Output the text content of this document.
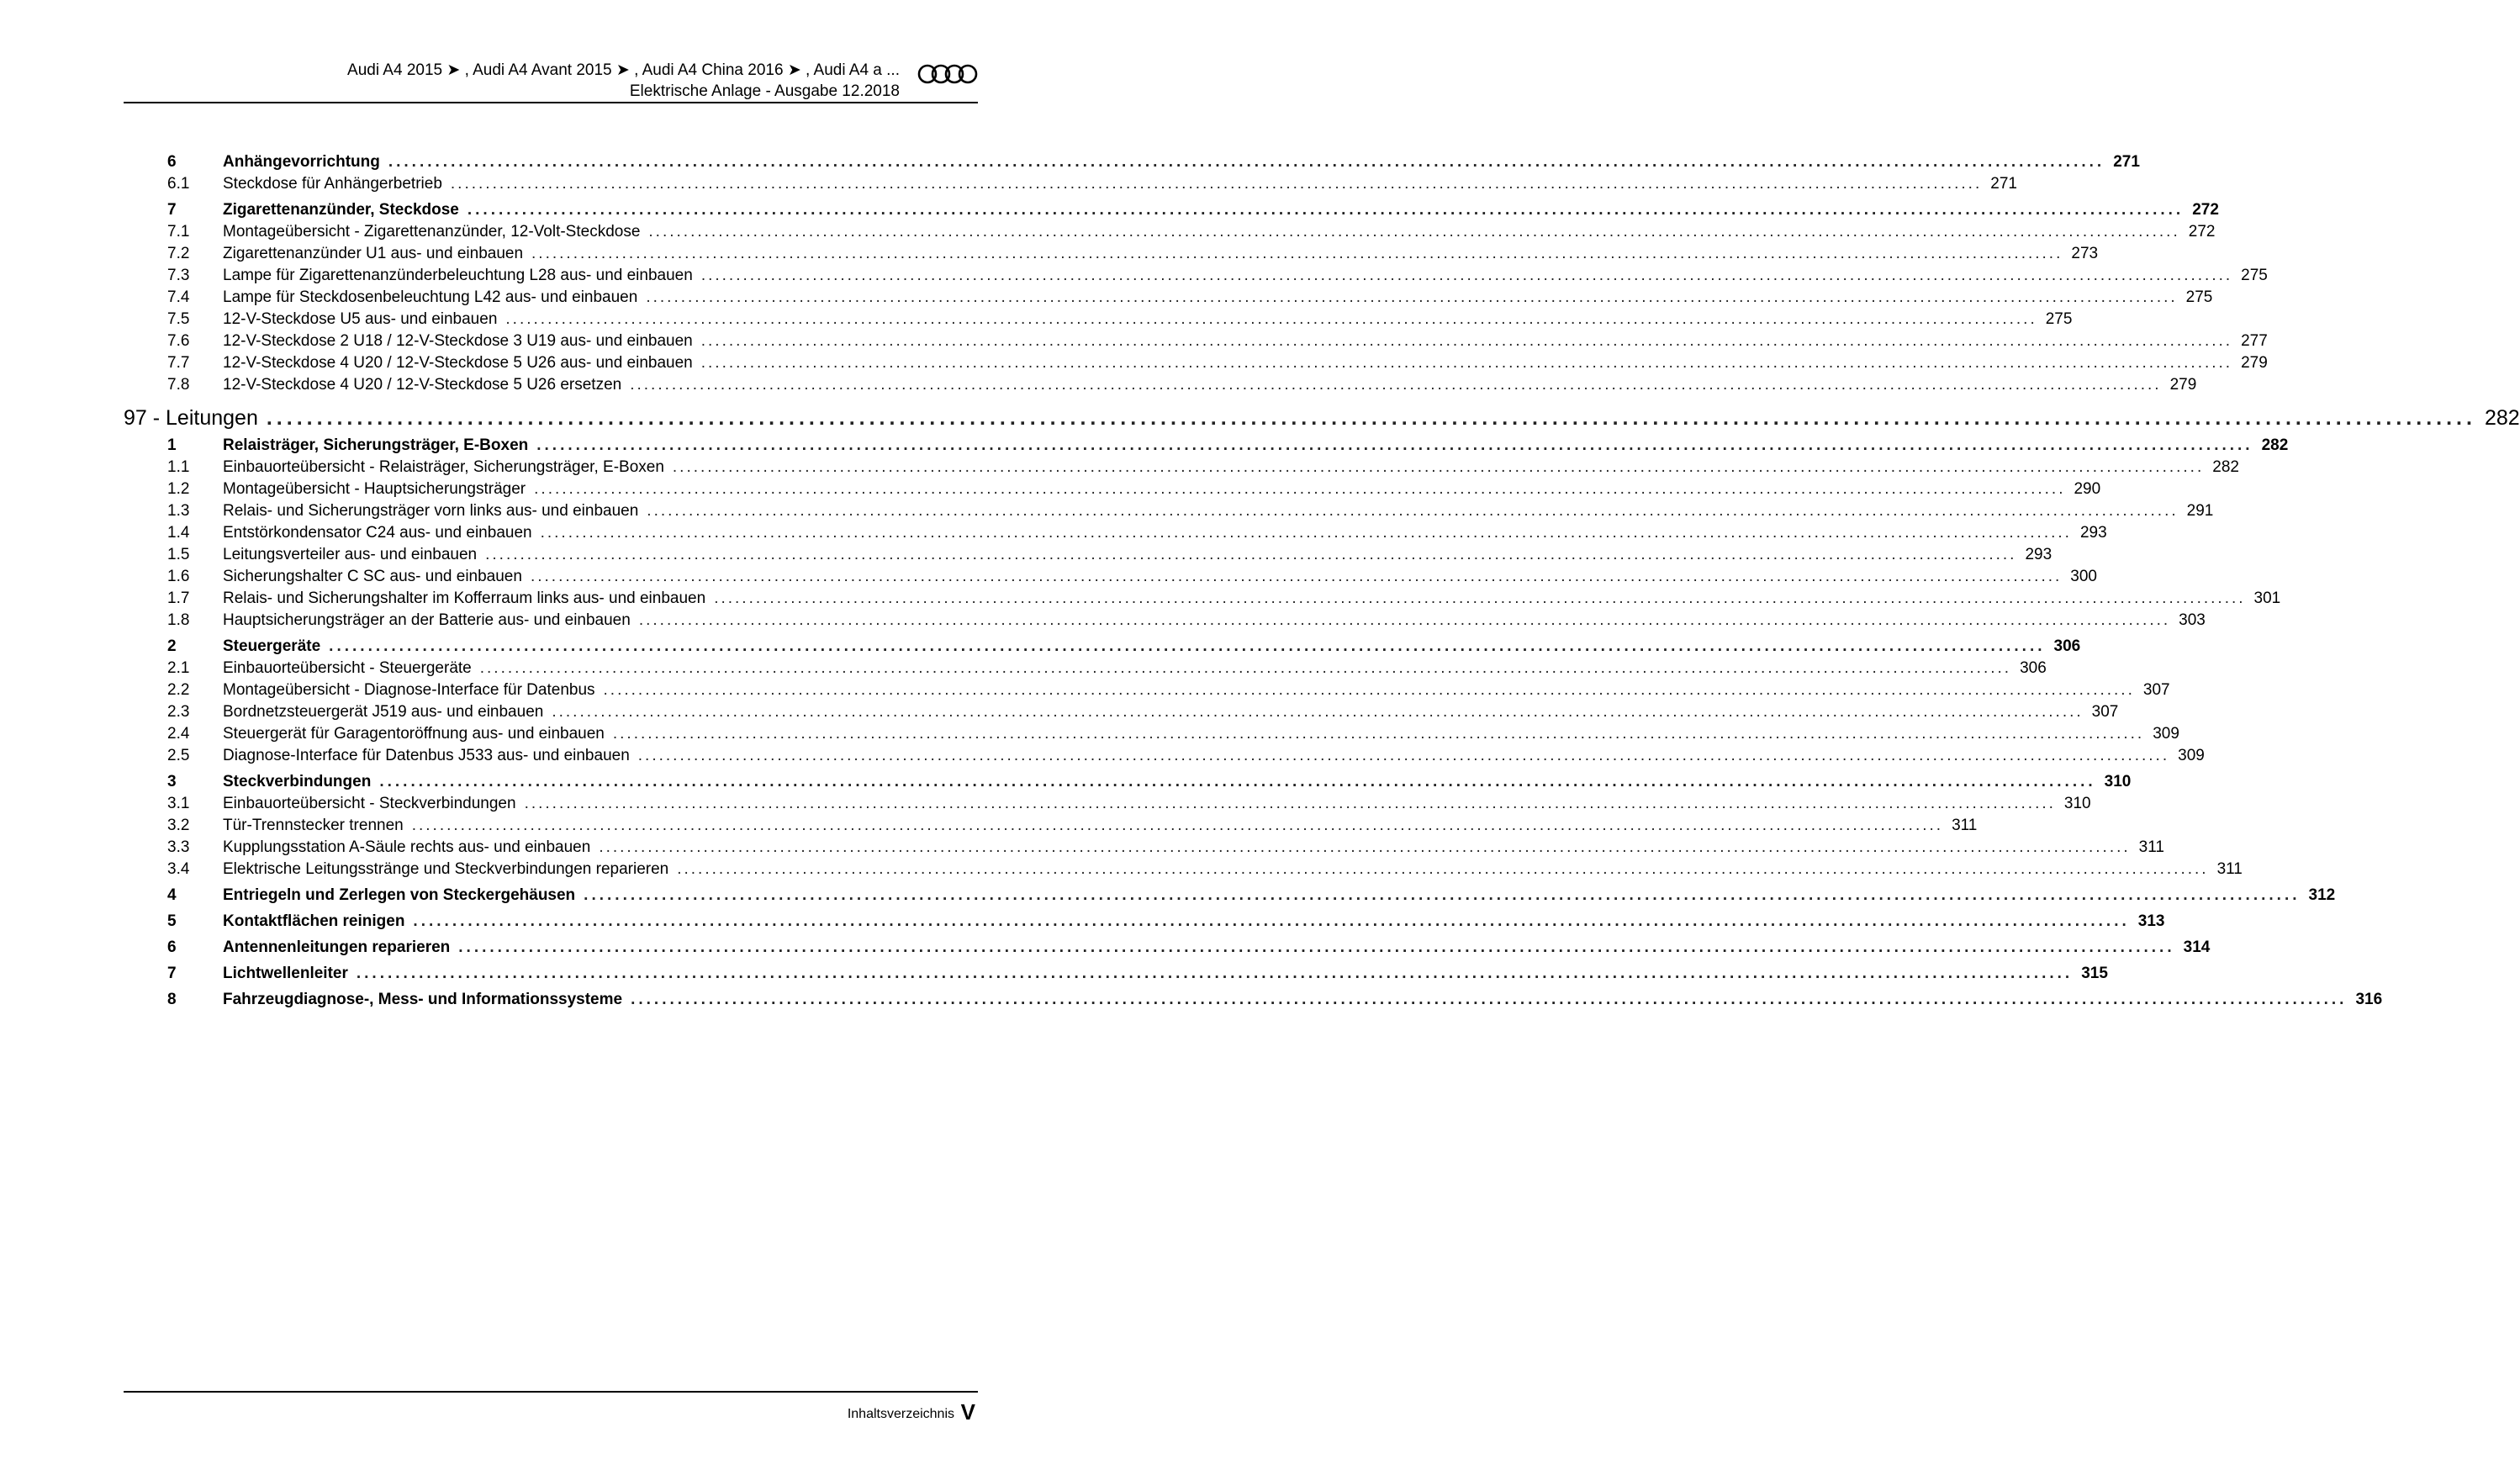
Audi A4 2015 ➤ , Audi A4 Avant 2015 ➤ , Audi A4 China 2016 ➤ , Audi A4 a ...
Elektrische Anlage - Ausgabe 12.2018
6	Anhängevorrichtung ............................................................................................................................................................................................................................ 271
6.1 Steckdose für Anhängerbetrieb ............................................................................................................................................................................................................................ 271
7	Zigarettenanzünder, Steckdose ............................................................................................................................................................................................................................ 272
7.1 Montageübersicht - Zigarettenanzünder, 12-Volt-Steckdose ............................................................................................................................................................................................................................ 272
7.2 Zigarettenanzünder U1 aus- und einbauen ............................................................................................................................................................................................................................ 273
7.3 Lampe für Zigarettenanzünderbeleuchtung L28 aus- und einbauen ............................................................................................................................................................................................................................ 275
7.4 Lampe für Steckdosenbeleuchtung L42 aus- und einbauen ............................................................................................................................................................................................................................ 275
7.5 12-V-Steckdose U5 aus- und einbauen ............................................................................................................................................................................................................................ 275
7.6 12-V-Steckdose 2 U18 / 12-V-Steckdose 3 U19 aus- und einbauen ............................................................................................................................................................................................................................ 277
7.7 12-V-Steckdose 4 U20 / 12-V-Steckdose 5 U26 aus- und einbauen ............................................................................................................................................................................................................................ 279
7.8 12-V-Steckdose 4 U20 / 12-V-Steckdose 5 U26 ersetzen ............................................................................................................................................................................................................................ 279
97 - Leitungen ............................................................................................................................................................................................................................ 282
1	Relaisträger, Sicherungsträger, E-Boxen ............................................................................................................................................................................................................................ 282
1.1 Einbauorteübersicht - Relaisträger, Sicherungsträger, E-Boxen ............................................................................................................................................................................................................................ 282
1.2 Montageübersicht - Hauptsicherungsträger ............................................................................................................................................................................................................................ 290
1.3 Relais- und Sicherungsträger vorn links aus- und einbauen ............................................................................................................................................................................................................................ 291
1.4 Entstörkondensator C24 aus- und einbauen ............................................................................................................................................................................................................................ 293
1.5 Leitungsverteiler aus- und einbauen ............................................................................................................................................................................................................................ 293
1.6 Sicherungshalter C SC aus- und einbauen ............................................................................................................................................................................................................................ 300
1.7 Relais- und Sicherungshalter im Kofferraum links aus- und einbauen ............................................................................................................................................................................................................................ 301
1.8 Hauptsicherungsträger an der Batterie aus- und einbauen ............................................................................................................................................................................................................................ 303
2	Steuergeräte ............................................................................................................................................................................................................................ 306
2.1 Einbauorteübersicht - Steuergeräte ............................................................................................................................................................................................................................ 306
2.2 Montageübersicht - Diagnose-Interface für Datenbus ............................................................................................................................................................................................................................ 307
2.3 Bordnetzsteuergerät J519 aus- und einbauen ............................................................................................................................................................................................................................ 307
2.4 Steuergerät für Garagentoröffnung aus- und einbauen ............................................................................................................................................................................................................................ 309
2.5 Diagnose-Interface für Datenbus J533 aus- und einbauen ............................................................................................................................................................................................................................ 309
3	Steckverbindungen ............................................................................................................................................................................................................................ 310
3.1 Einbauorteübersicht - Steckverbindungen ............................................................................................................................................................................................................................ 310
3.2 Tür-Trennstecker trennen ............................................................................................................................................................................................................................ 311
3.3 Kupplungsstation A-Säule rechts aus- und einbauen ............................................................................................................................................................................................................................ 311
3.4 Elektrische Leitungsstränge und Steckverbindungen reparieren ............................................................................................................................................................................................................................ 311
4	Entriegeln und Zerlegen von Steckergehäusen ............................................................................................................................................................................................................................ 312
5	Kontaktflächen reinigen ............................................................................................................................................................................................................................ 313
6	Antennenleitungen reparieren ............................................................................................................................................................................................................................ 314
7	Lichtwellenleiter ............................................................................................................................................................................................................................ 315
8	Fahrzeugdiagnose-, Mess- und Informationssysteme ............................................................................................................................................................................................................................ 316
Inhaltsverzeichnis V
